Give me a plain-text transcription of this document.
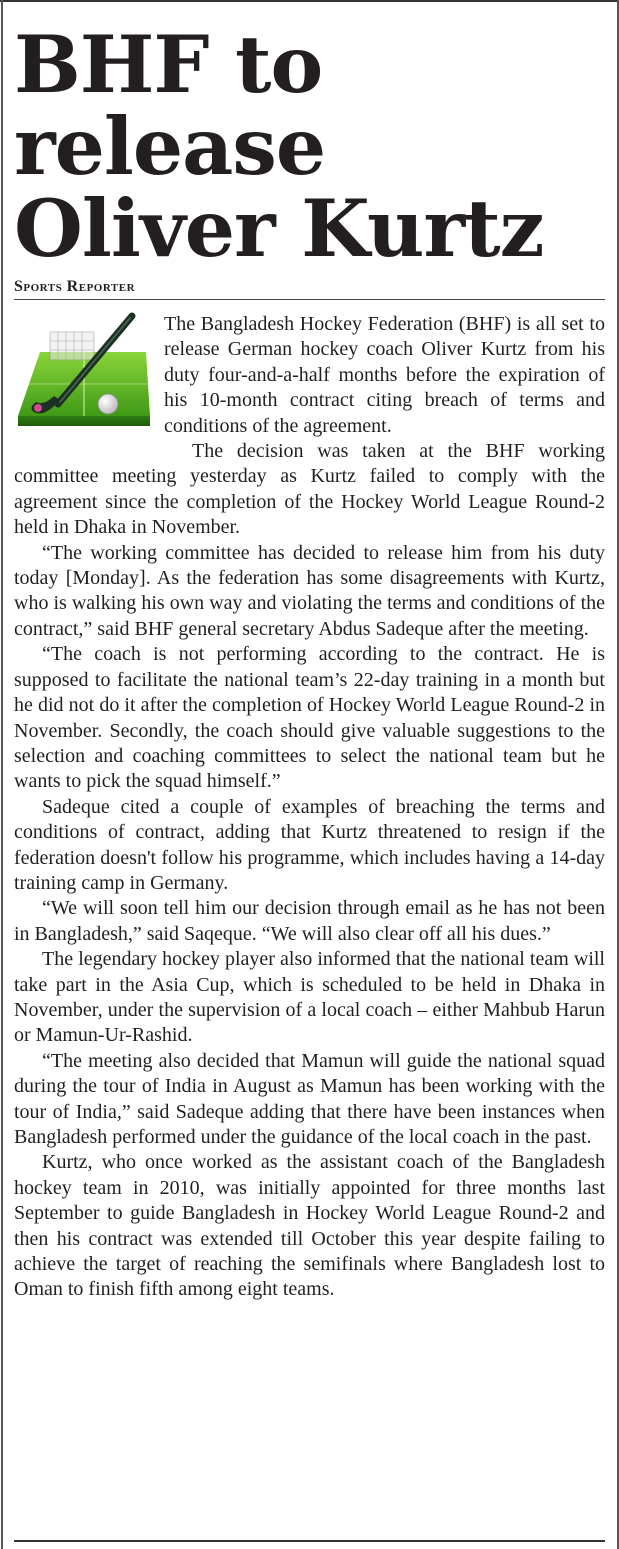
BHF to release Oliver Kurtz
Sports Reporter

The Bangladesh Hockey Federation (BHF) is all set to release German hockey coach Oliver Kurtz from his duty four-and-a-half months before the expiration of his 10-month contract citing breach of terms and conditions of the agreement.

The decision was taken at the BHF working committee meeting yesterday as Kurtz failed to comply with the agreement since the completion of the Hockey World League Round-2 held in Dhaka in November.

“The working committee has decided to release him from his duty today [Monday]. As the federation has some disagreements with Kurtz, who is walking his own way and violating the terms and conditions of the contract,” said BHF general secretary Abdus Sadeque after the meeting.

“The coach is not performing according to the contract. He is supposed to facilitate the national team’s 22-day training in a month but he did not do it after the completion of Hockey World League Round-2 in November. Secondly, the coach should give valuable suggestions to the selection and coaching committees to select the national team but he wants to pick the squad himself.”

Sadeque cited a couple of examples of breaching the terms and conditions of contract, adding that Kurtz threatened to resign if the federation doesn't follow his programme, which includes having a 14-day training camp in Germany.

“We will soon tell him our decision through email as he has not been in Bangladesh,” said Saqeque. “We will also clear off all his dues.”

The legendary hockey player also informed that the national team will take part in the Asia Cup, which is scheduled to be held in Dhaka in November, under the supervision of a local coach – either Mahbub Harun or Mamun-Ur-Rashid.

“The meeting also decided that Mamun will guide the national squad during the tour of India in August as Mamun has been working with the tour of India,” said Sadeque adding that there have been instances when Bangladesh performed under the guidance of the local coach in the past.

Kurtz, who once worked as the assistant coach of the Bangladesh hockey team in 2010, was initially appointed for three months last September to guide Bangladesh in Hockey World League Round-2 and then his contract was extended till October this year despite failing to achieve the target of reaching the semifinals where Bangladesh lost to Oman to finish fifth among eight teams.
